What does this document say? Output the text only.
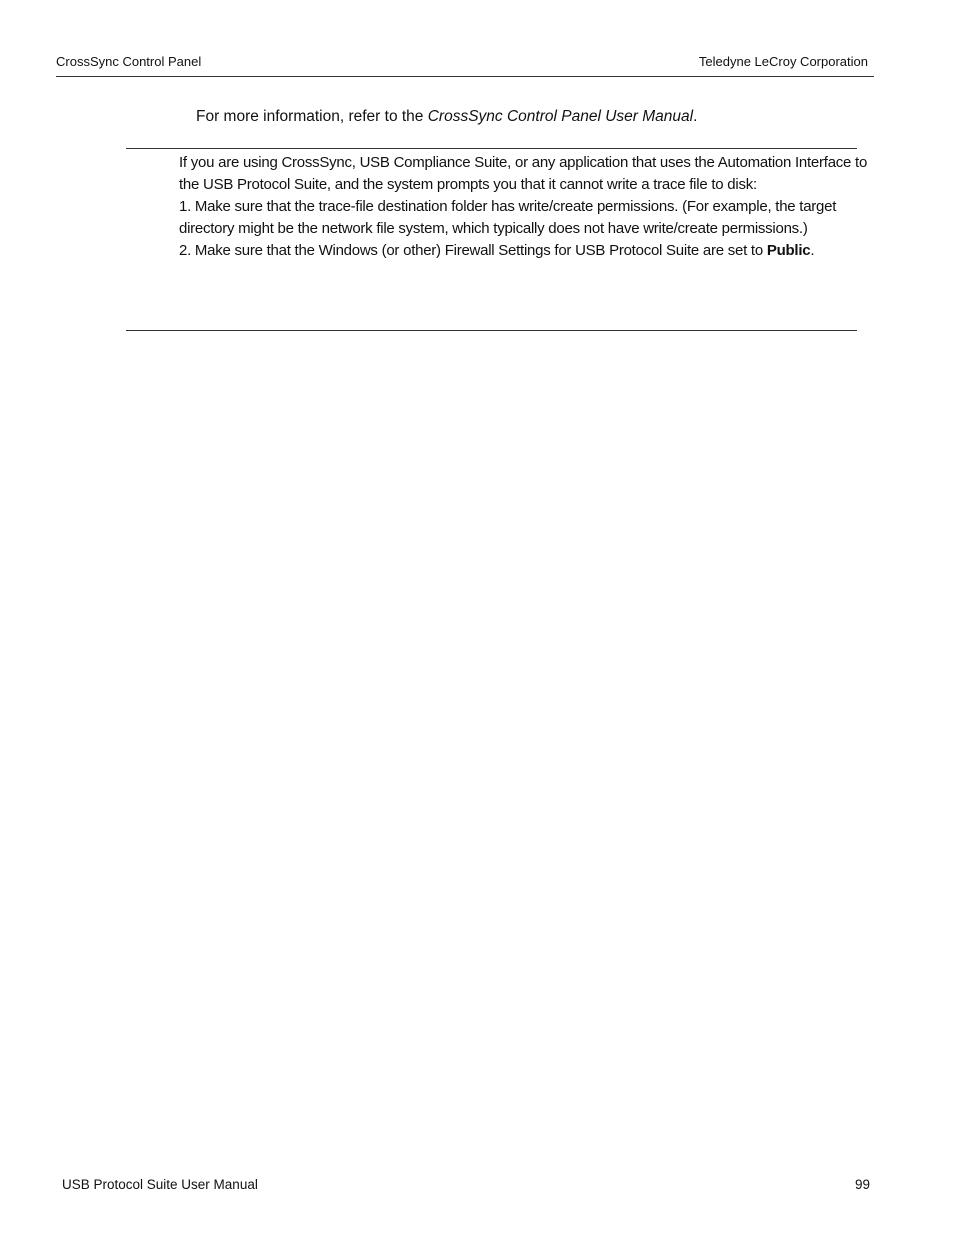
CrossSync Control Panel	Teledyne LeCroy Corporation
For more information, refer to the CrossSync Control Panel User Manual.

If you are using CrossSync, USB Compliance Suite, or any application that uses the Automation Interface to the USB Protocol Suite, and the system prompts you that it cannot write a trace file to disk:

1. Make sure that the trace-file destination folder has write/create permissions. (For example, the target directory might be the network file system, which typically does not have write/create permissions.)

2. Make sure that the Windows (or other) Firewall Settings for USB Protocol Suite are set to Public.

USB Protocol Suite User Manual	99
